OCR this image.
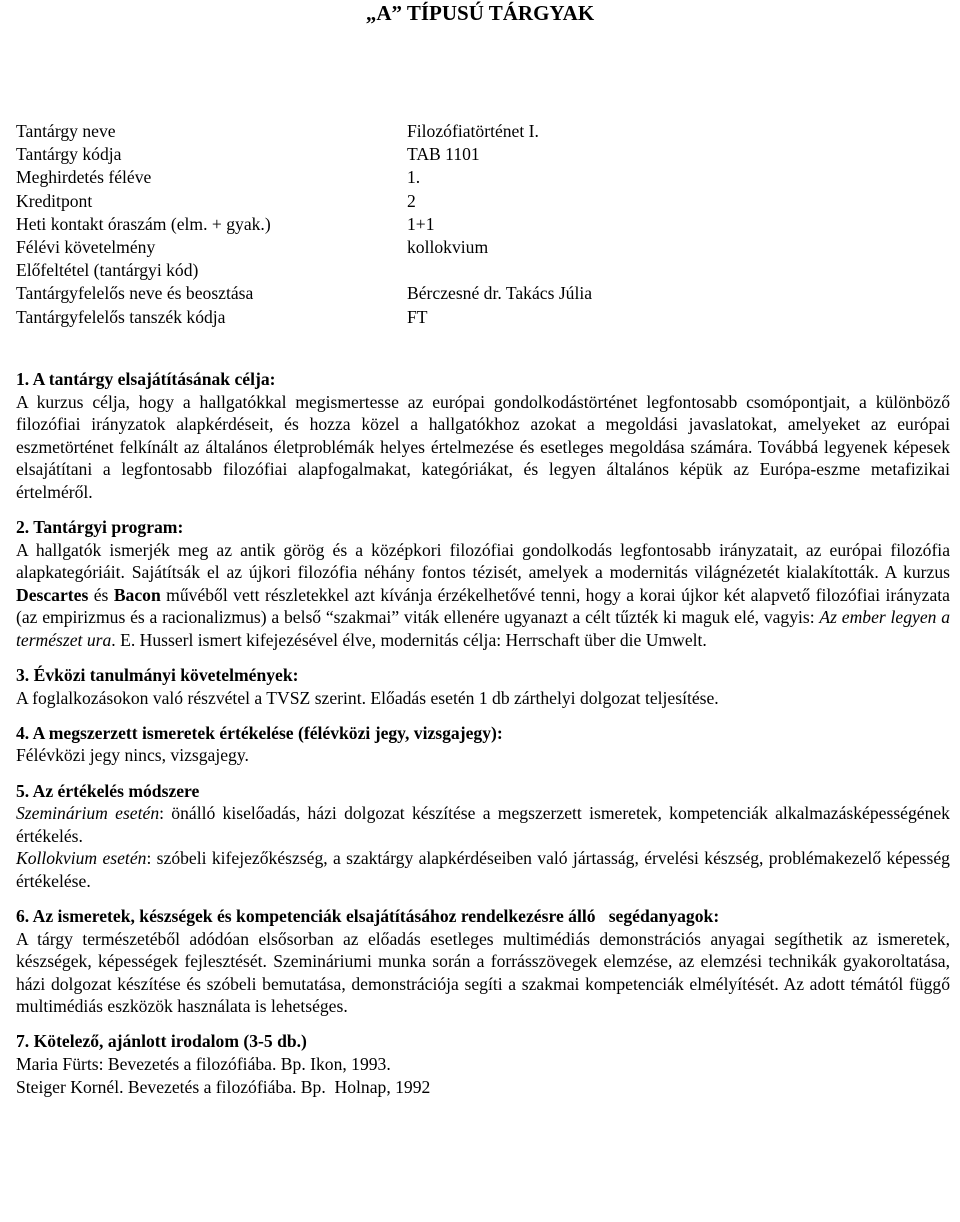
„A” TÍPUSÚ TÁRGYAK
Tantárgy neve	Filozófiatörténet I.
Tantárgy kódja	TAB 1101
Meghirdetés féléve	1.
Kreditpont	2
Heti kontakt óraszám (elm. + gyak.)	1+1
Félévi követelmény	kollokvium
Előfeltétel (tantárgyi kód)
Tantárgyfelelős neve és beosztása	Bérczesné dr. Takács Júlia
Tantárgyfelelős tanszék kódja	FT
1. A tantárgy elsajátításának célja:

A kurzus célja, hogy a hallgatókkal megismertesse az európai gondolkodástörténet legfontosabb csomópontjait, a különböző filozófiai irányzatok alapkérdéseit, és hozza közel a hallgatókhoz azokat a megoldási javaslatokat, amelyeket az európai eszmetörténet felkínált az általános életproblémák helyes értelmezése és esetleges megoldása számára. Továbbá legyenek képesek elsajátítani a legfontosabb filozófiai alapfogalmakat, kategóriákat, és legyen általános képük az Európa-eszme metafizikai értelméről.

2. Tantárgyi program:

A hallgatók ismerjék meg az antik görög és a középkori filozófiai gondolkodás legfontosabb irányzatait, az európai filozófia alapkategóriáit. Sajátítsák el az újkori filozófia néhány fontos tézisét, amelyek a modernitás világnézetét kialakították. A kurzus Descartes és Bacon művéből vett részletekkel azt kívánja érzékelhetővé tenni, hogy a korai újkor két alapvető filozófiai irányzata (az empirizmus és a racionalizmus) a belső “szakmai” viták ellenére ugyanazt a célt tűzték ki maguk elé, vagyis: Az ember legyen a természet ura. E. Husserl ismert kifejezésével élve, modernitás célja: Herrschaft über die Umwelt.

3. Évközi tanulmányi követelmények:

A foglalkozásokon való részvétel a TVSZ szerint. Előadás esetén 1 db zárthelyi dolgozat teljesítése.

4. A megszerzett ismeretek értékelése (félévközi jegy, vizsgajegy):

Félévközi jegy nincs, vizsgajegy.

5. Az értékelés módszere

Szeminárium esetén: önálló kiselőadás, házi dolgozat készítése a megszerzett ismeretek, kompetenciák alkalmazásképességének értékelés.

Kollokvium esetén: szóbeli kifejezőkészség, a szaktárgy alapkérdéseiben való jártasság, érvelési készség, problémakezelő képesség értékelése.

6. Az ismeretek, készségek és kompetenciák elsajátításához rendelkezésre álló   segédanyagok:

A tárgy természetéből adódóan elsősorban az előadás esetleges multimédiás demonstrációs anyagai segíthetik az ismeretek, készségek, képességek fejlesztését. Szemináriumi munka során a forrásszövegek elemzése, az elemzési technikák gyakoroltatása, házi dolgozat készítése és szóbeli bemutatása, demonstrációja segíti a szakmai kompetenciák elmélyítését. Az adott témától függő multimédiás eszközök használata is lehetséges.

7. Kötelező, ajánlott irodalom (3-5 db.)

Maria Fürts: Bevezetés a filozófiába. Bp. Ikon, 1993.

Steiger Kornél. Bevezetés a filozófiába. Bp.  Holnap, 1992
